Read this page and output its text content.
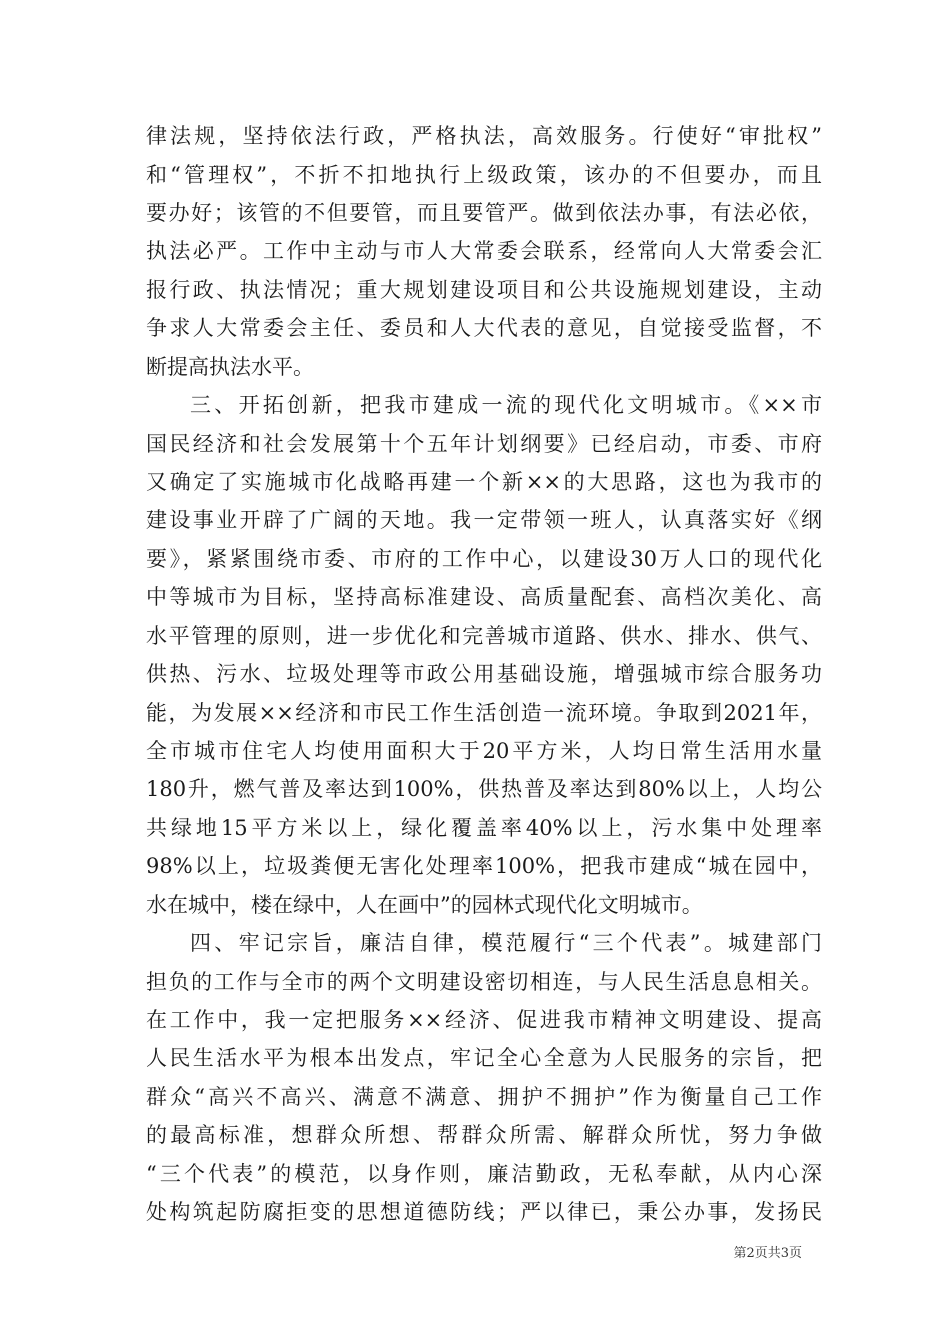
律法规，坚持依法行政，严格执法，高效服务。行使好“审批权”
和“管理权”，不折不扣地执行上级政策，该办的不但要办，而且
要办好；该管的不但要管，而且要管严。做到依法办事，有法必依，
执法必严。工作中主动与市人大常委会联系，经常向人大常委会汇
报行政、执法情况；重大规划建设项目和公共设施规划建设，主动
争求人大常委会主任、委员和人大代表的意见，自觉接受监督，不
断提高执法水平。
三、开拓创新，把我市建成一流的现代化文明城市。《××市
国民经济和社会发展第十个五年计划纲要》已经启动，市委、市府
又确定了实施城市化战略再建一个新××的大思路，这也为我市的
建设事业开辟了广阔的天地。我一定带领一班人，认真落实好《纲
要》，紧紧围绕市委、市府的工作中心，以建设30万人口的现代化
中等城市为目标，坚持高标准建设、高质量配套、高档次美化、高
水平管理的原则，进一步优化和完善城市道路、供水、排水、供气、
供热、污水、垃圾处理等市政公用基础设施，增强城市综合服务功
能，为发展××经济和市民工作生活创造一流环境。争取到2021年，
全市城市住宅人均使用面积大于20平方米，人均日常生活用水量
180升，燃气普及率达到100%，供热普及率达到80%以上，人均公
共绿地15平方米以上，绿化覆盖率40%以上，污水集中处理率
98%以上，垃圾粪便无害化处理率100%，把我市建成“城在园中，
水在城中，楼在绿中，人在画中”的园林式现代化文明城市。
四、牢记宗旨，廉洁自律，模范履行“三个代表”。城建部门
担负的工作与全市的两个文明建设密切相连，与人民生活息息相关。
在工作中，我一定把服务××经济、促进我市精神文明建设、提高
人民生活水平为根本出发点，牢记全心全意为人民服务的宗旨，把
群众“高兴不高兴、满意不满意、拥护不拥护”作为衡量自己工作
的最高标准，想群众所想、帮群众所需、解群众所忧，努力争做
“三个代表”的模范，以身作则，廉洁勤政，无私奉献，从内心深
处构筑起防腐拒变的思想道德防线；严以律已，秉公办事，发扬民
第2页共3页
